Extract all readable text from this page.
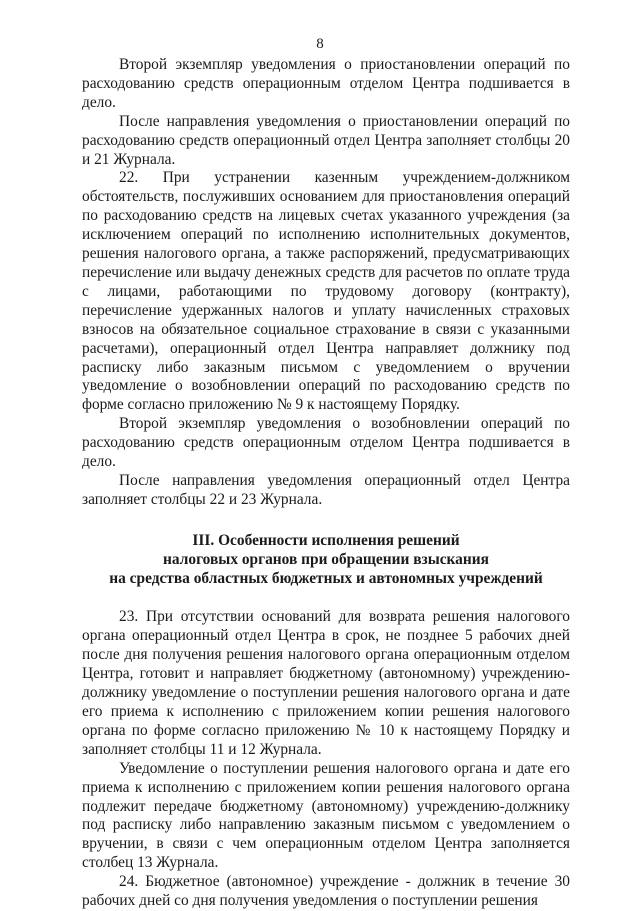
8

Второй экземпляр уведомления о приостановлении операций по расходованию средств операционным отделом Центра подшивается в дело.

После направления уведомления о приостановлении операций по расходованию средств операционный отдел Центра заполняет столбцы 20 и 21 Журнала.

22. При устранении казенным учреждением-должником обстоятельств, послуживших основанием для приостановления операций по расходованию средств на лицевых счетах указанного учреждения (за исключением операций по исполнению исполнительных документов, решения налогового органа, а также распоряжений, предусматривающих перечисление или выдачу денежных средств для расчетов по оплате труда с лицами, работающими по трудовому договору (контракту), перечисление удержанных налогов и уплату начисленных страховых взносов на обязательное социальное страхование в связи с указанными расчетами), операционный отдел Центра направляет должнику под расписку либо заказным письмом с уведомлением о вручении уведомление о возобновлении операций по расходованию средств по форме согласно приложению № 9 к настоящему Порядку.

Второй экземпляр уведомления о возобновлении операций по расходованию средств операционным отделом Центра подшивается в дело.

После направления уведомления операционный отдел Центра заполняет столбцы 22 и 23 Журнала.

III. Особенности исполнения решений
налоговых органов при обращении взыскания
на средства областных бюджетных и автономных учреждений

23. При отсутствии оснований для возврата решения налогового органа операционный отдел Центра в срок, не позднее 5 рабочих дней после дня получения решения налогового органа операционным отделом Центра, готовит и направляет бюджетному (автономному) учреждению-должнику уведомление о поступлении решения налогового органа и дате его приема к исполнению с приложением копии решения налогового органа по форме согласно приложению № 10 к настоящему Порядку и заполняет столбцы 11 и 12 Журнала.

Уведомление о поступлении решения налогового органа и дате его приема к исполнению с приложением копии решения налогового органа подлежит передаче бюджетному (автономному) учреждению-должнику под расписку либо направлению заказным письмом с уведомлением о вручении, в связи с чем операционным отделом Центра заполняется столбец 13 Журнала.

24. Бюджетное (автономное) учреждение - должник в течение 30 рабочих дней со дня получения уведомления о поступлении решения
